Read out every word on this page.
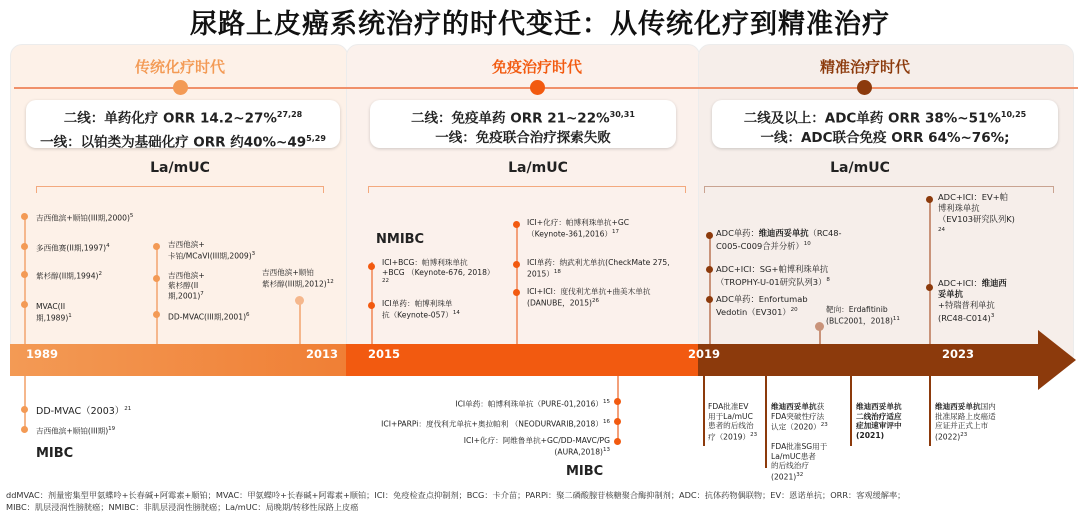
尿路上皮癌系统治疗的时代变迁：从传统化疗到精准治疗
传统化疗时代	免疫治疗时代	精准治疗时代
二线：单药化疗 ORR 14.2~27%$^{27,28}$
一线：以铂类为基础化疗 ORR 约40%~49$^{5,29}$
二线：免疫单药 ORR 21~22%$^{30,31}$
一线：免疫联合治疗探索失败
二线及以上：ADC单药 ORR 38%~51%$^{10,25}$
一线：ADC联合免疫 ORR 64%~76%;
La/mUC	La/mUC	La/mUC
吉西他滨+顺铂(III期,2000)$^5$
多西他赛(II期,1997)$^4$
紫杉醇(II期,1994)$^2$
MVAC(II
期,1989)$^1$
吉西他滨+
卡铂/MCaVI(III期,2009)$^3$
吉西他滨+
紫杉醇(II
期,2001)$^7$
DD-MVAC(III期,2001)$^6$
吉西他滨+顺铂
紫杉醇(III期,2012)$^{12}$
NMIBC
ICI+BCG：帕博利珠单抗
+BCG （Keynote-676, 2018）
22
ICI单药：帕博利珠单
抗（Keynote-057）$^{14}$
ICI+化疗：帕博利珠单抗+GC
（Keynote-361,2016）$^{17}$
ICI单药：纳武利尤单抗(CheckMate 275,
2015）$^{18}$
ICI+ICI：度伐利尤单抗+曲美木单抗
(DANUBE，2015)$^{26}$
ADC单药：维迪西妥单抗（RC48-
C005-C009合并分析）$^{10}$
ADC+ICI：SG+帕博利珠单抗
（TROPHY-U-01研究队列3）$^8$
ADC单药：Enfortumab
$Vedotin(EV301)^{20}$	靶向：Erdafitinib
(BLC2001，2018)$^{11}$
ADC+ICI：EV+帕
博利珠单抗
（EV103研究队列K)
24
ADC+ICI：维迪西
妥单抗
+特瑞普利单抗
$(RC48-C014)^3$
1989	2013	2015	2019	2023
$DD-MVAC(2003)^{21}$
吉西他滨+顺铂(III期)$^{19}$
MIBC
ICI单药：帕博利珠单抗（PURE-01,2016）$^{15}$
ICI+PARPi：度伐利尤单抗+奥拉帕利 （NEODURVARIB,2018）$^{16}$
ICI+化疗：阿维鲁单抗+GC/DD-MAVC/PG
(AURA,2018)$^{13}$
MIBC
FDA批准EV
用于La/mUC
患者的后线治
疗$(2019)^{23}$
维迪西妥单抗获
FDA突破性疗法
认定$(2020)^{23}$
FDA批准SG用于
La/mUC患者
的后线治疗
$(2021)^{32}$
维迪西妥单抗
二线治疗适应
症加速审评中
(2021)
维迪西妥单抗国内
批准尿路上皮癌适
应证并正式上市
$(2022)^{23}$
ddMVAC：剂量密集型甲氨蝶呤+长春碱+阿霉素+顺铂；MVAC：甲氨蝶呤+长春碱+阿霉素+顺铂；ICI：免疫检查点抑制剂；BCG：卡介苗；PARPi：聚二磷酸腺苷核糖聚合酶抑制剂；ADC：抗体药物偶联物；EV：恩诺单抗；ORR：客观缓解率；
MIBC：肌层浸润性膀胱癌；NMIBC：非肌层浸润性膀胱癌；La/mUC：局晚期/转移性尿路上皮癌
